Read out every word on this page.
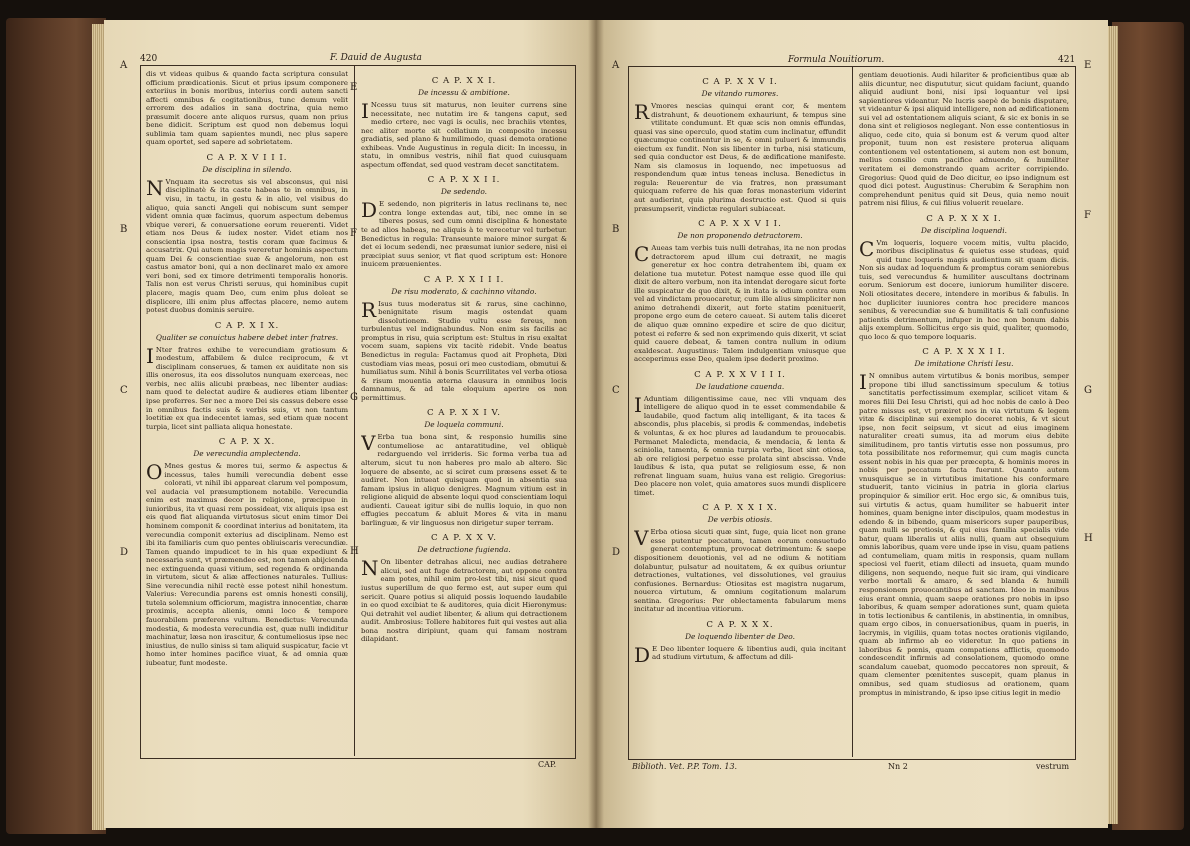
420	F. Dauid de Augusta
dis vt videas quibus & quando facta scriptura consulat officium prædicationis. Sicut et prius ipsum componere exteriius in bonis moribus, interius cordi autem sancti affecti omnibus & cogitationibus, tunc demum velit errorem des adalios in sana doctrina, quia nemo præsumit docere ante aliquos rursus, quam non prius bene didicit. Scriptum est quod non debemus loqui sublimia tam quam sapientes mundi, nec plus sapere quam oportet, sed sapere ad sobrietatem.
C A P. X V I I I.
De disciplina in silendo.
N Vnquam ita secretus sis vel absconsus, qui nisi disciplinatè & ita caste habeas te in omnibus, in visu, in tactu, in gestu & in alio, vel visibus do aliquo, quia sancti Angeli qui nobiscum sunt semper vident omnia quæ facimus, quorum aspectum debemus vbique vereri, & conuersatione eorum reuerenti. Videt etiam nos Deus & iudex noster. Videt etiam nos conscientia ipsa nostra, testis coram quæ facimus & accusatrix. Qui autem magis vereretur hominis aspectum quam Dei & conscientiae suæ & angelorum, non est castus amator boni, qui a non declinaret malo ex amore veri boni, sed ex timore detrimenti temporalis honoris. Talis non est verus Christi seruus, qui hominibus cupit placere, magis quam Deo, cum enim plus doleat se displicere, illi enim plus affectas placere, nemo autem potest duobus dominis seruire.
C A P. X I X.
Qualiter se conuictus habere debet inter fratres.
I Nter fratres exhibe te verecundiam gratiosum & modestum, affabilem & dulce reciprocum, & vt disciplinam conserues, & tamen ex auiditate non sis illis onerosus, ita eos dissolutos nunquam exerceas, nec verbis, nec aliis alicubi præbeas, nec libenter audias: nam quod te delectat audire & audieres etiam libenter ipse proferres. Ser nec a more Dei sis cassus debere esse in omnibus factis suis & verbis suis, vt non tantum loetitiæ ex qua indecentet iamas, sed etiam quæ nocent turpia, licet sint palliata aliqua honestate.
C A P. X X.
De verecundia amplectenda.
O Mnes gestus & mores tui, sermo & aspectus & incessus, tales humili verecundia debent esse colorati, vt nihil ibi appareat clarum vel pomposum, vel audacia vel præsumptionem notabile. Verecundia enim est maximus decor in religione, præcipue in iunioribus, ita vt quasi rem possideat, vix aliquis ipsa est eis quod fiat aliquanda virtutosus sicut enim timor Dei hominem componit & coordinat interius ad bonitatem, ita verecundia componit exterius ad disciplinam. Nemo est ibi ita familiaris cum quo pentes obliuiscaris verecundiæ. Tamen quando impudicet te in his quæ expediunt & necessaria sunt, vt præmendeo est, non tamen abijcienda nec extinguenda quasi vitium, sed regenda & ordinanda in virtutem, sicut & aliæ affectiones naturales. Tullius: Sine verecundia nihil rectè esse potest nihil honestum. Valerius: Verecundia parens est omnis honesti consilij, tutela solemnium officiorum, magistra innocentiæ, charæ proximis, accepta alienis, omni loco & tempore fauorabilem præferens vultum. Benedictus: Verecunda modestia, & modesta verecundia est, quæ nulli indiditur machinatur, læsa non irascitur, & contumeliosus ipse nec iniustius, de nullo siniss si tam aliquid suspicatur, facie vt homo inter homines pacifice viuat, & ad omnia quæ iubeatur, funt modeste.
C A P. X X I.
De incessu & ambitione.
I Ncessu tuus sit maturus, non leuiter currens sine necessitate, nec nutatim ire & tangens caput, sed medio crtere, nec vagi is oculis, nec brachiis vtentes, nec aliter morte sit collatium in composito incessu gradiatis, sed plano & humilimodo, quasi demota oratione exhibeas. Vnde Augustinus in regula dicit: In incessu, in statu, in omnibus vestris, nihil fiat quod cuiusquam aspectum offendat, sed quod vestram decet sanctitatem.
C A P. X X I I.
De sedendo.
D E sedendo, non pigriteris in latus reclinans te, nec contra longe extendas aut, tibi, nec omne in se tiberes posus, sed cum omni disciplina & honestate te ad alios habeas, ne aliquis à te verecetur vel turbetur. Benedictus in regula: Transeunte maiore minor surgat & det ei locum sedendi, nec præsumat iunior sedere, nisi ei præcipiat suus senior, vt fiat quod scriptum est: Honore inuicem præuenientes.
C A P. X X I I I.
De risu moderato, & cachinno vitando.
R Isus tuus moderatus sit & rarus, sine cachinno, benignitate risum magis ostendat quam dissolutionem. Studio vultu esse fereus, non turbulentus vel indignabundus. Non enim sis facilis ac promptus in risu, quia scriptum est: Stultus in risu exaltat vocem suam, sapiens vix tacitè ridebit. Vnde beatus Benedictus in regula: Factamus quod ait Propheta, Dixi custodiam vias meas, posui ori meo custodiam, obmutui & humiliatus sum. Nihil à bonis Scurrilitates vel verba otiosa & risum mouentia æterna clausura in omnibus locis damnamus, & ad tale eloquium aperire os non permittimus.
C A P. X X I V.
De loquela communi.
V Erba tua bona sint, & responsio humilis sine contumeliose ac antaratitudine, vel obliquè redarguendo vel irrideris. Sic forma verba tua ad alterum, sicut tu non haberes pro malo ab altero. Sic loquere de absente, ac si sciret cum præsens esset & te audiret. Non intueat quisquam quod in absentia sua famam ipsius in aliquo denigres. Magnum vitium est in religione aliquid de absente loqui quod conscientiam loqui audienti. Caueat igitur sibi de nullis loquio, in quo non effugies peccatum & abluit Mores & vita in manu barlinguæ, & vir linguosus non dirigetur super terram.
C A P. X X V.
De detractione fugienda.
N On libenter detrahas alicui, nec audias detrahere alicui, sed aut fuge detractorem, aut oppone contra eam potes, nihil enim pro-lest tibi, nisi sicut quod iustus superillum de quo fermo est, aut super eum qui sericit. Quare potius si aliquid possis loquendo laudabile in eo quod excibiat te & auditores, quia dicit Hieronymus: Qui detrahit vel audiet libenter, & alium qui detractionem audit. Ambrosius: Tollere habitores fuit qui vestes aut alia bona nostra diripiunt, quam qui famam nostram dilapidant.
CAP.
Formula Nouitiorum.	421
C A P. X X V I.
De vitando rumores.
R Vmores nescias quinqui erant cor, & mentem distrahunt, & deuotionem exhauriunt, & tempus sine vtilitate condumunt. Et quæ scis non omnis effundas, quasi vas sine operculo, quod statim cum inclinatur, effundit quæcumque continentur in se, & omni pulueri & immundis eiectum ex fundit. Non sis libenter in turba, nisi staticum, sed quia conductor est Deus, & de ædificatione manifeste. Nam sis clamosus in loquendo, nec impetuosus ad respondendum quæ intus teneas inclusa. Benedictus in regula: Reuerentur de via fratres, non præsumant quicquam referre de his quæ foras monasterium viderint aut audierint, quia plurima destructio est. Quod si quis præsumpserit, vindictæ regulari subiaceat.
C A P. X X V I I.
De non proponendo detractorem.
C Aueas tam verbis tuis nulli detrahas, ita ne non prodas detractorem apud illum cui detraxit, ne magis generetur ex hoc contra detrahentem ibi, quam ex delatione tua mutetur. Potest namque esse quod ille qui dixit de altero verbum, non ita intendat derogare sicut forte ille suspicatur de quo dixit, & in itata is odium contra eum vel ad vindictam prouocaretur, cum ille alius simpliciter non animo detrahendi dixerit, aut forte statim pœnituerit, propone ergo eum de cetero caueat. Si autem talis diceret de aliquo quæ omnino expedire et scire de quo dicitur, potest ei referre & sed non exprimendo quis dixerit, vt sciat quid cauere debeat, & tamen contra nullum in odium exaldescat. Augustinus: Talem indulgentiam vniusque que acceperimus esse Deo, qualem ipse dederit proximo.
C A P. X X V I I I.
De laudatione cauenda.
I Aduntiam diligentissime caue, nec vlli vnquam des intelligere de aliquo quod in te esset commendabile & laudabile, quod factum aliq intelligant, & ita taces & abscondis, plus placebis, si prodis & commendas, indebetis & voluntas, & ex hoc plures ad laudandum te prouocabis. Permanet Maledicta, mendacia, & mendacia, & lenta & sciniolia, tamenta, & omnia turpia verba, licet sint otiosa, ab ore religiosi perpetuo esse prolata sint abscissa. Vnde laudibus & ista, qua putat se religiosum esse, & non refrenat linguam suam, huius vana est religio. Gregorius: Deo placere non volet, quia amatores suos mundi displicere timet.
C A P. X X I X.
De verbis otiosis.
V Erba otiosa sicuti quæ sint, fuge, quia licet non grane esse putentur peccatum, tamen eorum consuetudo generat contemptum, provocat detrimentum: & saepe dispositionem deuotionis, vel ad ne odium & notitiam dolabuntur, pulsatur ad nouitatem, & ex quibus oriuntur detractiones, vultationes, vel dissolutiones, vel grauius confusiones. Bernardus: Otiositas est magistra nugarum, nouerca virtutum, & omnium cogitationum malarum sentina. Gregorius: Per oblectamenta fabularum mens incitatur ad incentiua vitiorum.
C A P. X X X.
De loquendo libenter de Deo.
D E Deo libenter loquere & libentius audi, quia incitant ad studium virtutum, & affectum ad dili-
gentiam deuotionis. Audi hilariter & proficientibus quæ ab aliis dicuntur, nec dispututur, sicut quidam faciunt, quando aliquid audiunt boni, nisi ipsi loquantur vel ipsi sapientiores videantur. Ne lucris saepè de bonis disputare, vt videantur & ipsi aliquid intelligere, non ad ædificationem sui vel ad ostentationem aliquis sciant, & sic ex bonis in se dona sint et religiosos neglegant. Non esse contentiosus in aliquo, cede cito, quia si bonum est & verum quod alter proponit, tuum non est resistere proterua aliquam contentionem vel ostentationem, si autem non est bonum, melius consilio cum pacifice adnuendo, & humiliter veritatem ei demonstrando quam acriter corripiendo. Gregorius: Quod quid de Deo dicitur, eo ipso indignum est quod dici potest. Augustinus: Cherubim & Seraphim non comprehendunt penitus quid sit Deus, quia nemo nouit patrem nisi filius, & cui filius voluerit reuelare.
C A P. X X X I.
De disciplina loquendi.
C Vm loqueris, loquere vocem mitis, vultu placido, moribus disciplinatus & quietus esse studeas, quid quid tunc loqueris magis audientium sit quam dicis. Non sis audax ad loquendum & promptus coram seniorebus tuis, sed verecundus & humiliter auscultans doctrinam eorum. Seniorum est docere, iuniorum humiliter discere. Noli otiositates decere, intendere in moribus & fabulis. In hoc dupliciter iuuniores contra hoc precidere mancos senibus, & verecundiæ sue & humilitatis & tali confusione patientis detrimentum, infuper in hoc non bonum dabis alijs exemplum. Sollicitus ergo sis quid, qualiter, quomodo, quo loco & quo tempore loquaris.
C A P. X X X I I.
De imitatione Christi Iesu.
I N omnibus autem virtutibus & bonis moribus, semper propone tibi illud sanctissimum speculum & totius sanctitatis perfectissimum exemplar, scilicet vitam & mores filii Dei Iesu Christi, qui ad hoc nobis de cælo à Deo patre missus est, vt præiret nos in via virtutum & legem vitæ & disciplinæ sui exemplo doceret nobis, & vt sicut ipse, non fecit seipsum, vt sicut ad eius imaginem naturaliter creati sumus, ita ad morum eius debite similitudinem, pro tantis virtutis esse non possumus, pro tota possibilitate nos reformemur, qui cum magis cuncta essent nobis in his quæ per præcepta, & hominis mores in nobis per peccatum facta fuerunt. Quanto autem vnusquisque se in virtutibus imitatione his conformare studuerit, tanto vicinius in patria in gloria clarius propinquior & similior erit. Hoc ergo sic, & omnibus tuis, sui virtutis & actus, quam humiliter se habuerit inter homines, quam benigne inter discipulos, quam modestus in edendo & in bibendo, quam misericors super pauperibus, quam nulli se pretiosis, & qui eius familia specialis vide batur, quam liberalis ut aliis nulli, quam aut obsequium omnis laboribus, quam vere unde ipse in visu, quam patiens ad contumeliam, quam mitis in responsis, quam nullam speciosi vel fuerit, etiam dilecti ad insueta, quam mundo diligens, non sequendo, neque fuit sic iram, qui vindicare verbo mortali & amaro, & sed blanda & humili responsionem prouocantibus ad sanctam. Ideo in manibus eius erant omnia, quam saepe orationes pro nobis in ipso laboribus, & quam semper adorationes sunt, quam quieta in totis lectionibus & cantilenis, in abstinentia, in omnibus, quam ergo cibos, in conuersationibus, quam in pueris, in lacrymis, in vigiliis, quam totas noctes orationis vigilando, quam ab infirmo ab eo videretur. In quo patiens in laboribus & pœnis, quam compatiens afflictis, quomodo condescendit infirmis ad consolationem, quomodo omne scandalum cauebat, quomodo peccatores non spreuit, & quam clementer pœnitentes suscepit, quam planus in omnibus, sed quam studiosus ad orationem, quam promptus in ministrando, & ipso ipse citius legit in medio
Biblioth. Vet. P.P. Tom. 13.	Nn 2	vestrum
A
B
C
D
E
F
G
H
A
B
C
D
E
F
G
H
